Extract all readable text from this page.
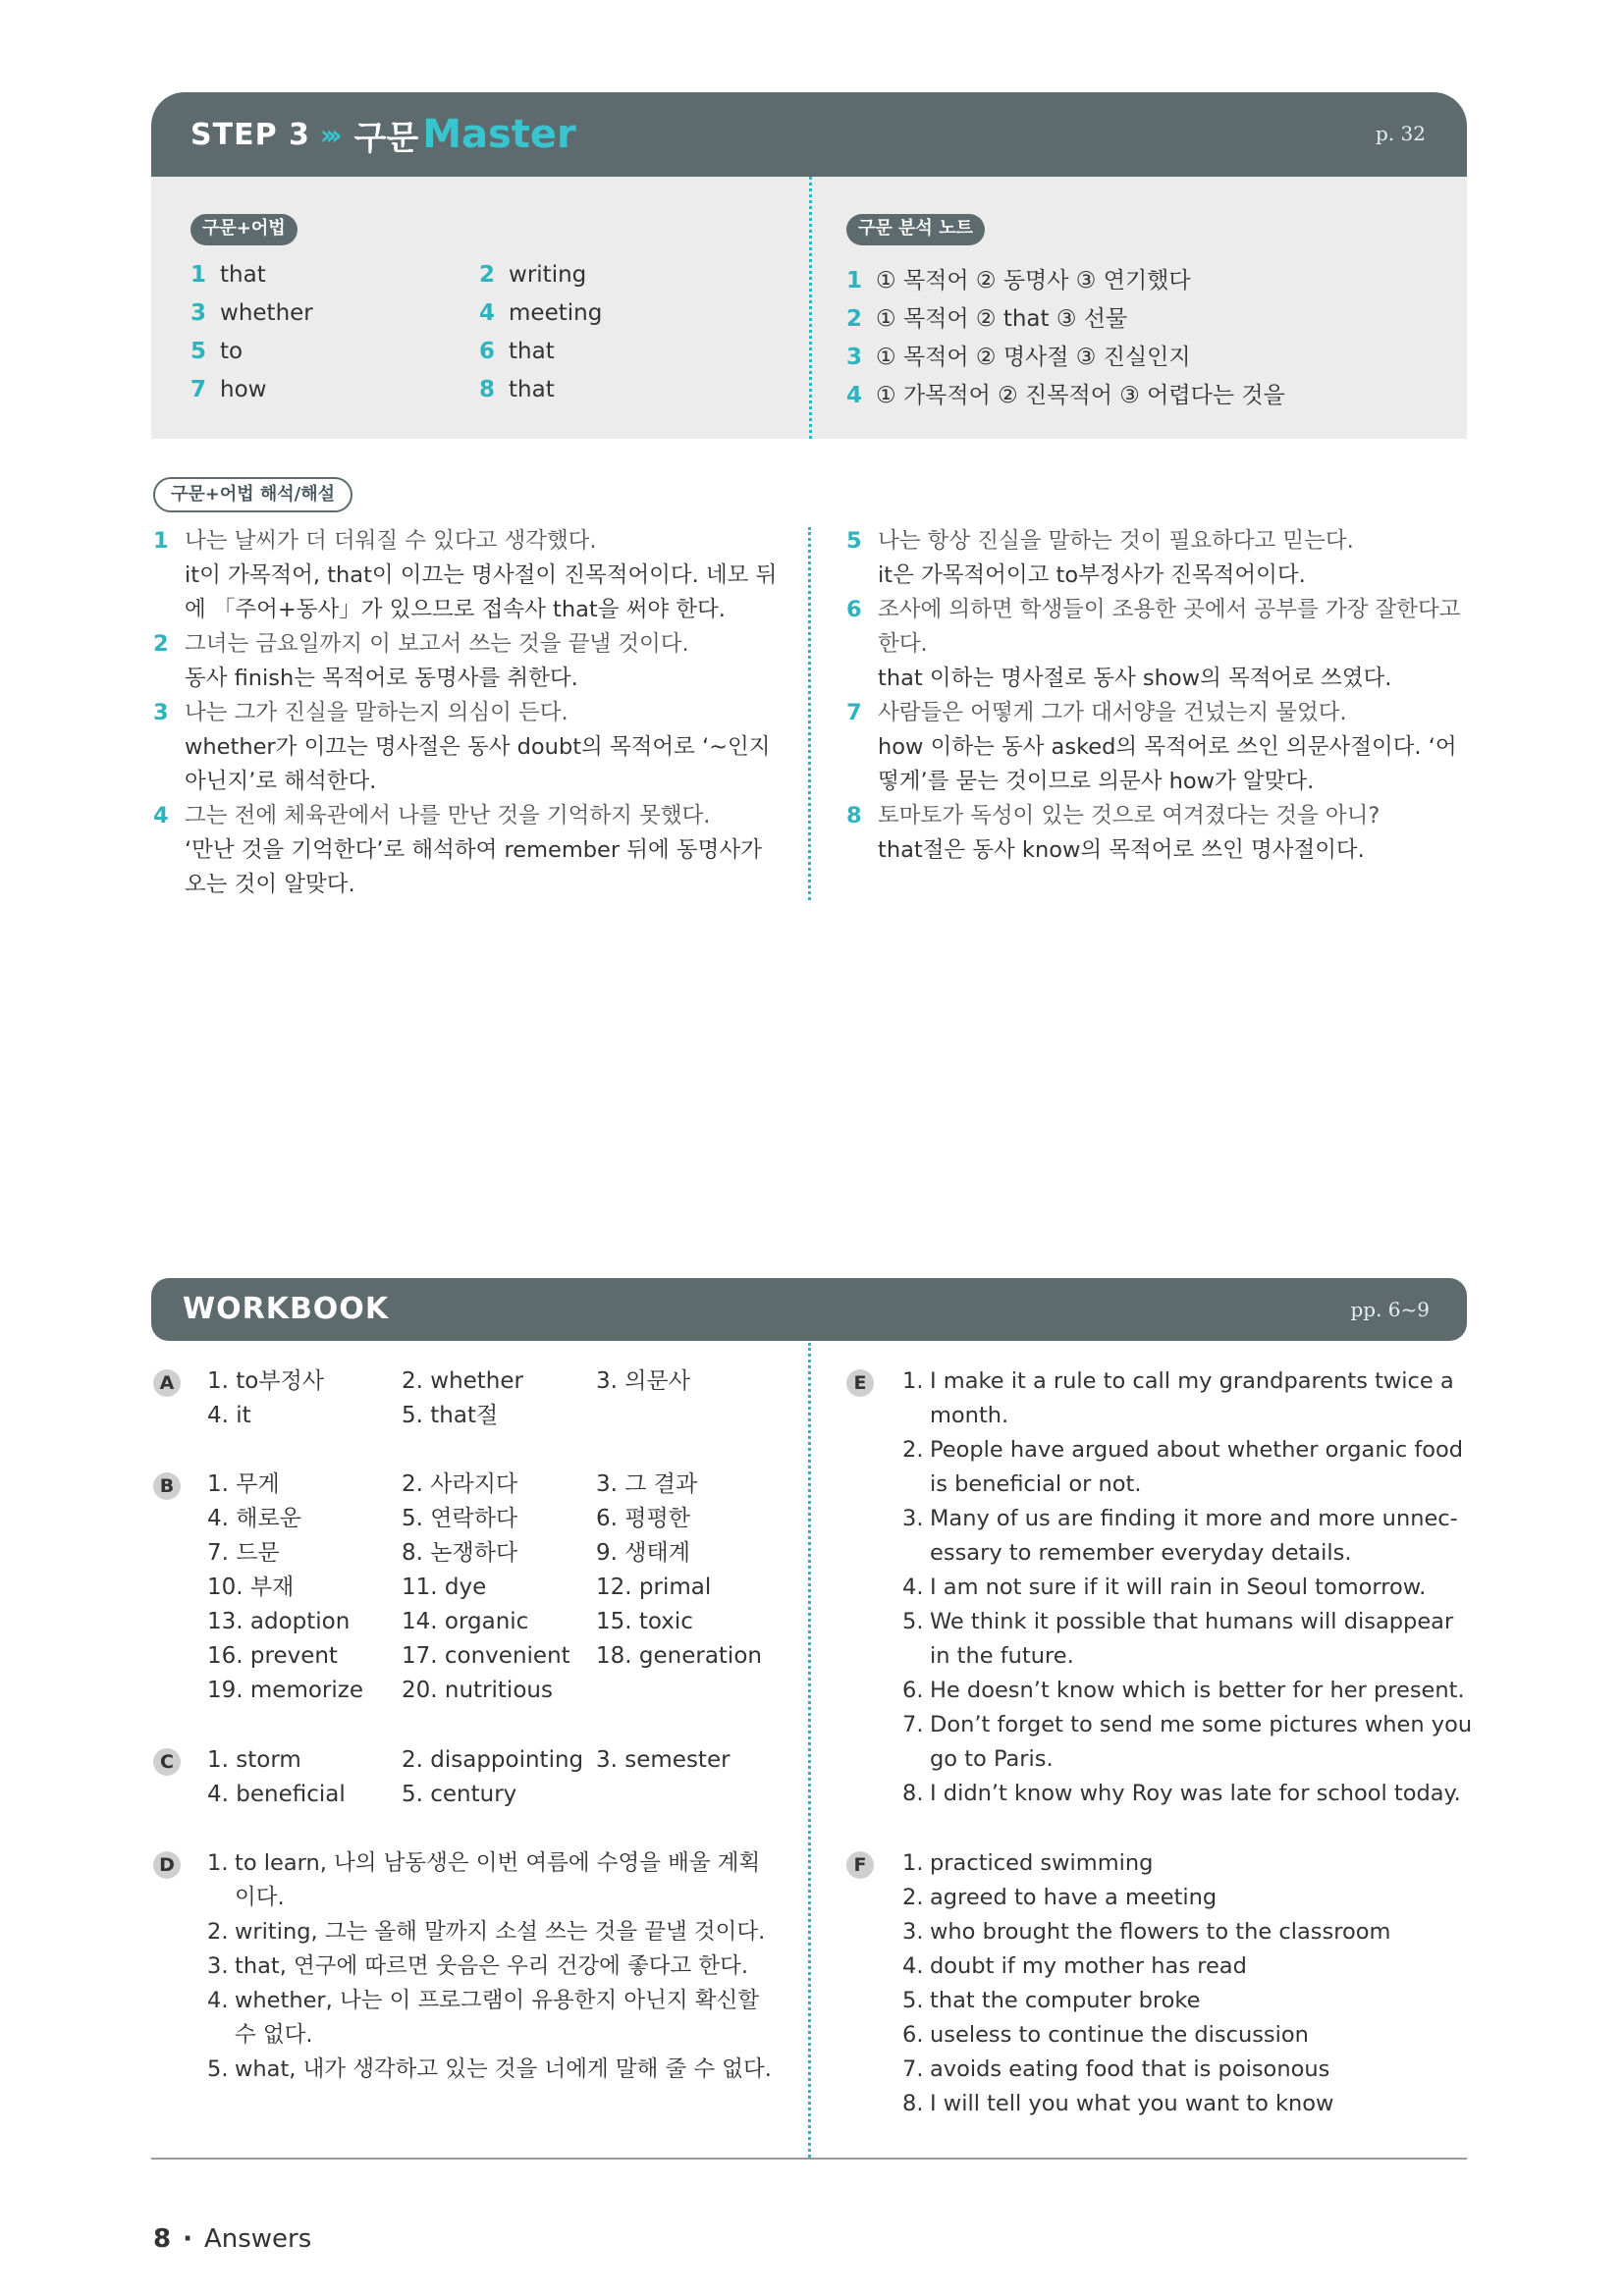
STEP 3 ››› 구문 Master	p. 32
구문+어법	구문 분석 노트
1 that	2 writing
3 whether	4 meeting
5 to	6 that
7 how	8 that
1 ① 목적어 ② 동명사 ③ 연기했다
2 ① 목적어 ② that ③ 선물
3 ① 목적어 ② 명사절 ③ 진실인지
4 ① 가목적어 ② 진목적어 ③ 어렵다는 것을
구문+어법 해석/해설
1 나는 날씨가 더 더워질 수 있다고 생각했다.
it이 가목적어, that이 이끄는 명사절이 진목적어이다. 네모 뒤
에 「주어+동사」가 있으므로 접속사 that을 써야 한다.
2 그녀는 금요일까지 이 보고서 쓰는 것을 끝낼 것이다.
동사 finish는 목적어로 동명사를 취한다.
3 나는 그가 진실을 말하는지 의심이 든다.
whether가 이끄는 명사절은 동사 doubt의 목적어로 ‘~인지
아닌지’로 해석한다.
4 그는 전에 체육관에서 나를 만난 것을 기억하지 못했다.
‘만난 것을 기억한다’로 해석하여 remember 뒤에 동명사가
오는 것이 알맞다.
5 나는 항상 진실을 말하는 것이 필요하다고 믿는다.
it은 가목적어이고 to부정사가 진목적어이다.
6 조사에 의하면 학생들이 조용한 곳에서 공부를 가장 잘한다고
한다.
that 이하는 명사절로 동사 show의 목적어로 쓰였다.
7 사람들은 어떻게 그가 대서양을 건넜는지 물었다.
how 이하는 동사 asked의 목적어로 쓰인 의문사절이다. ‘어
떻게’를 묻는 것이므로 의문사 how가 알맞다.
8 토마토가 독성이 있는 것으로 여겨졌다는 것을 아니?
that절은 동사 know의 목적어로 쓰인 명사절이다.
WORKBOOK	pp. 6~9
A 1. to부정사	2. whether	3. 의문사
4. it	5. that절
B 1. 무게	2. 사라지다	3. 그 결과
4. 해로운	5. 연락하다	6. 평평한
7. 드문	8. 논쟁하다	9. 생태계
10. 부재	11. dye	12. primal
13. adoption 14. organic	15. toxic
16. prevent	17. convenient 18. generation
19. memorize 20. nutritious
C	1. storm	2. disappointing 3. semester
4. beneficial 5. century
D 1. to learn, 나의 남동생은 이번 여름에 수영을 배울 계획
이다.
2. writing, 그는 올해 말까지 소설 쓰는 것을 끝낼 것이다.
3. that, 연구에 따르면 웃음은 우리 건강에 좋다고 한다.
4. whether, 나는 이 프로그램이 유용한지 아닌지 확신할
수 없다.
5. what, 내가 생각하고 있는 것을 너에게 말해 줄 수 없다.
E	1. I make it a rule to call my grandparents twice a
month.
2. People have argued about whether organic food
is beneficial or not.
3. Many of us are finding it more and more unnec-
essary to remember everyday details.
4. I am not sure if it will rain in Seoul tomorrow.
5. We think it possible that humans will disappear
in the future.
6. He doesn’t know which is better for her present.
7. Don’t forget to send me some pictures when you
go to Paris.
8. I didn’t know why Roy was late for school today.
F	1. practiced swimming
2. agreed to have a meeting
3. who brought the flowers to the classroom
4. doubt if my mother has read
5. that the computer broke
6. useless to continue the discussion
7. avoids eating food that is poisonous
8. I will tell you what you want to know
8 · Answers
